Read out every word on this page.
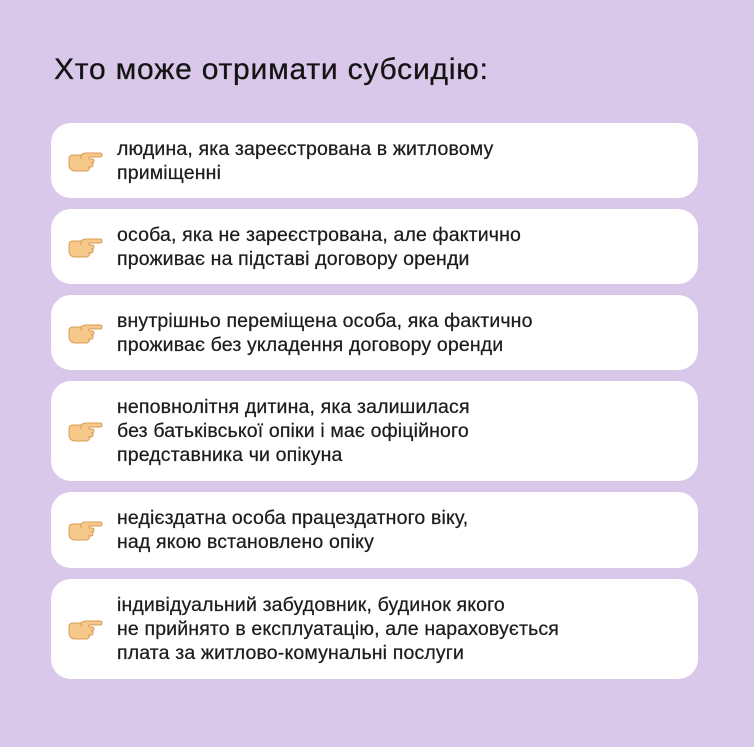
Хто може отримати субсидію:
людина, яка зареєстрована в житловому
приміщенні
особа, яка не зареєстрована, але фактично
проживає на підставі договору оренди
внутрішньо переміщена особа, яка фактично
проживає без укладення договору оренди
неповнолітня дитина, яка залишилася
без батьківської опіки і має офіційного
представника чи опікуна
недієздатна особа працездатного віку,
над якою встановлено опіку
індивідуальний забудовник, будинок якого
не прийнято в експлуатацію, але нараховується
плата за житлово-комунальні послуги
